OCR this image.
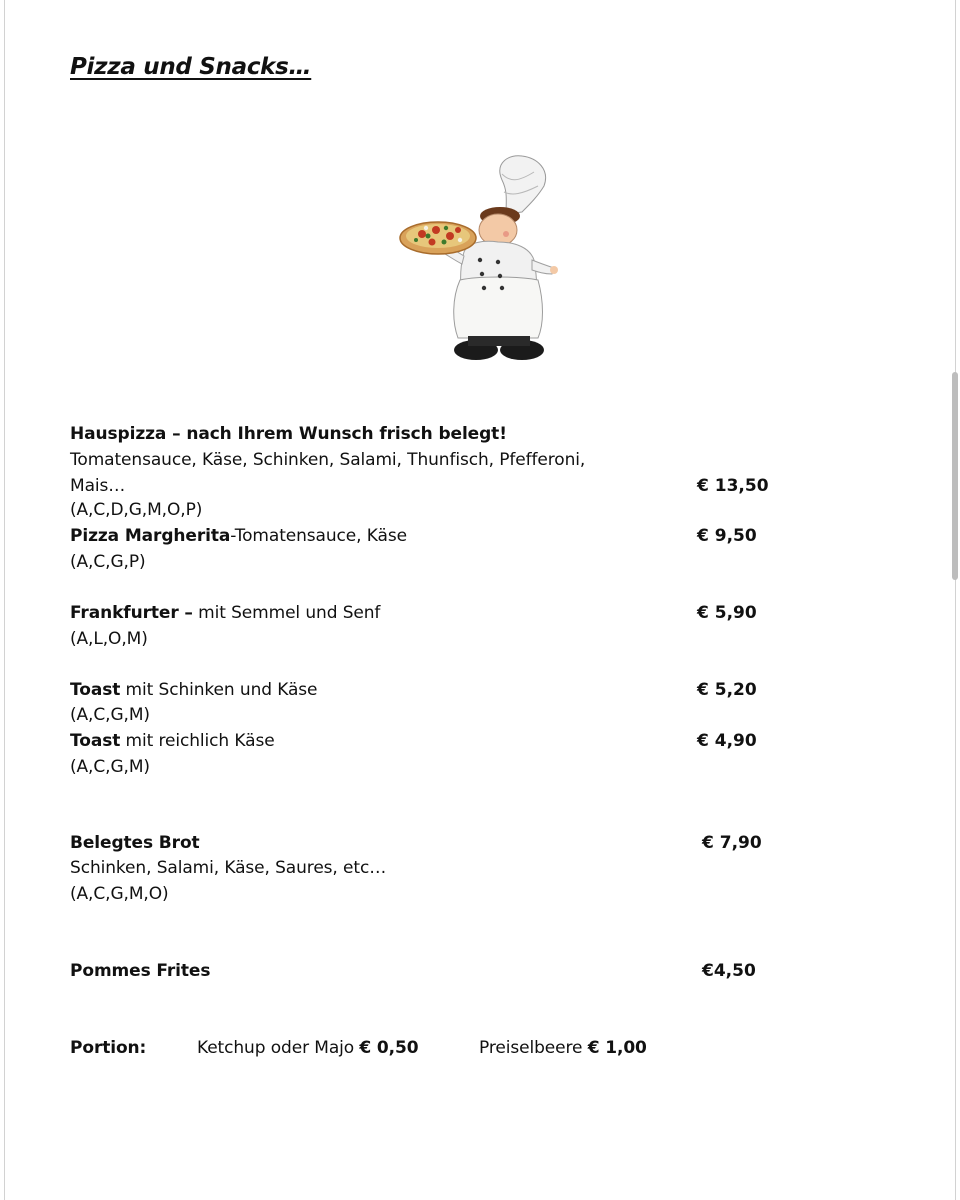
Pizza und Snacks…
Hauspizza – nach Ihrem Wunsch frisch belegt!
Tomatensauce, Käse, Schinken, Salami, Thunfisch, Pfefferoni,
Mais…	€ 13,50
(A,C,D,G,M,O,P)
Pizza Margherita-Tomatensauce, Käse	€ 9,50
(A,C,G,P)
Frankfurter – mit Semmel und Senf	€ 5,90
(A,L,O,M)
Toast mit Schinken und Käse	€ 5,20
(A,C,G,M)
Toast mit reichlich Käse	€ 4,90
(A,C,G,M)
Belegtes Brot	€ 7,90
Schinken, Salami, Käse, Saures, etc…
(A,C,G,M,O)
Pommes Frites	€4,50
Portion:	Ketchup oder Majo € 0,50	Preiselbeere € 1,00
